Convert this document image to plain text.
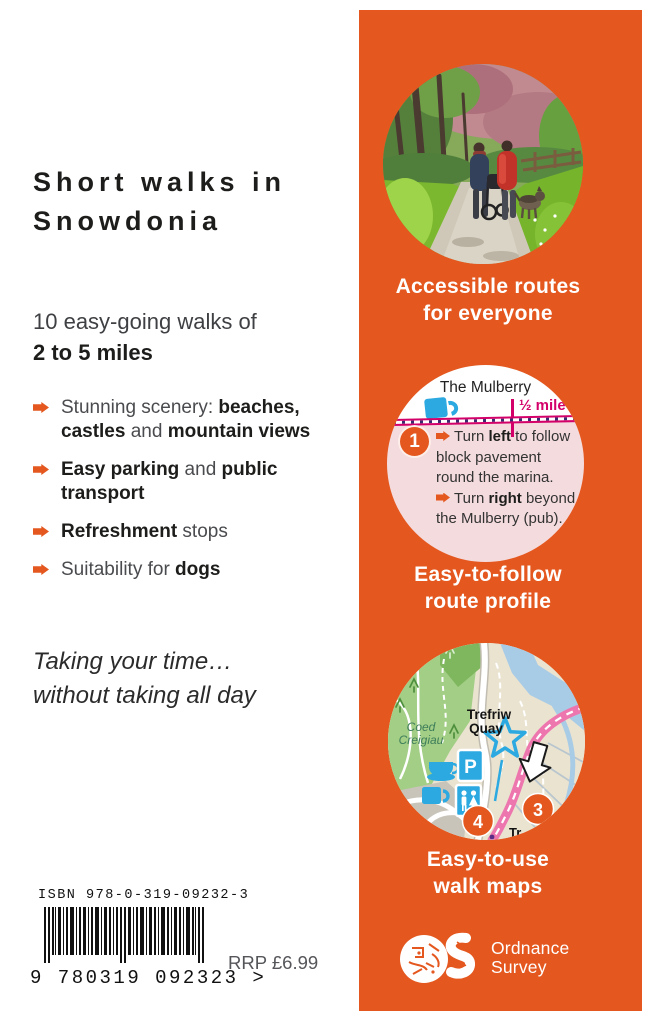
Short walks in
Snowdonia

10 easy-going walks of
2 to 5 miles

Stunning scenery: beaches, castles and mountain views
Easy parking and public transport
Refreshment stops
Suitability for dogs

Taking your time…
without taking all day

ISBN 978-0-319-09232-3
9 780319 092323 >
RRP £6.99
Accessible routes
for everyone
The Mulberry
½ mile
1	Turn left to follow block pavement round the marina.
Turn right beyond the Mulberry (pub).
Easy-to-follow
route profile
Coed
Creigiau
Trefriw
Quay
P
3
4
Tr
Easy-to-use
walk maps
Ordnance
Survey
